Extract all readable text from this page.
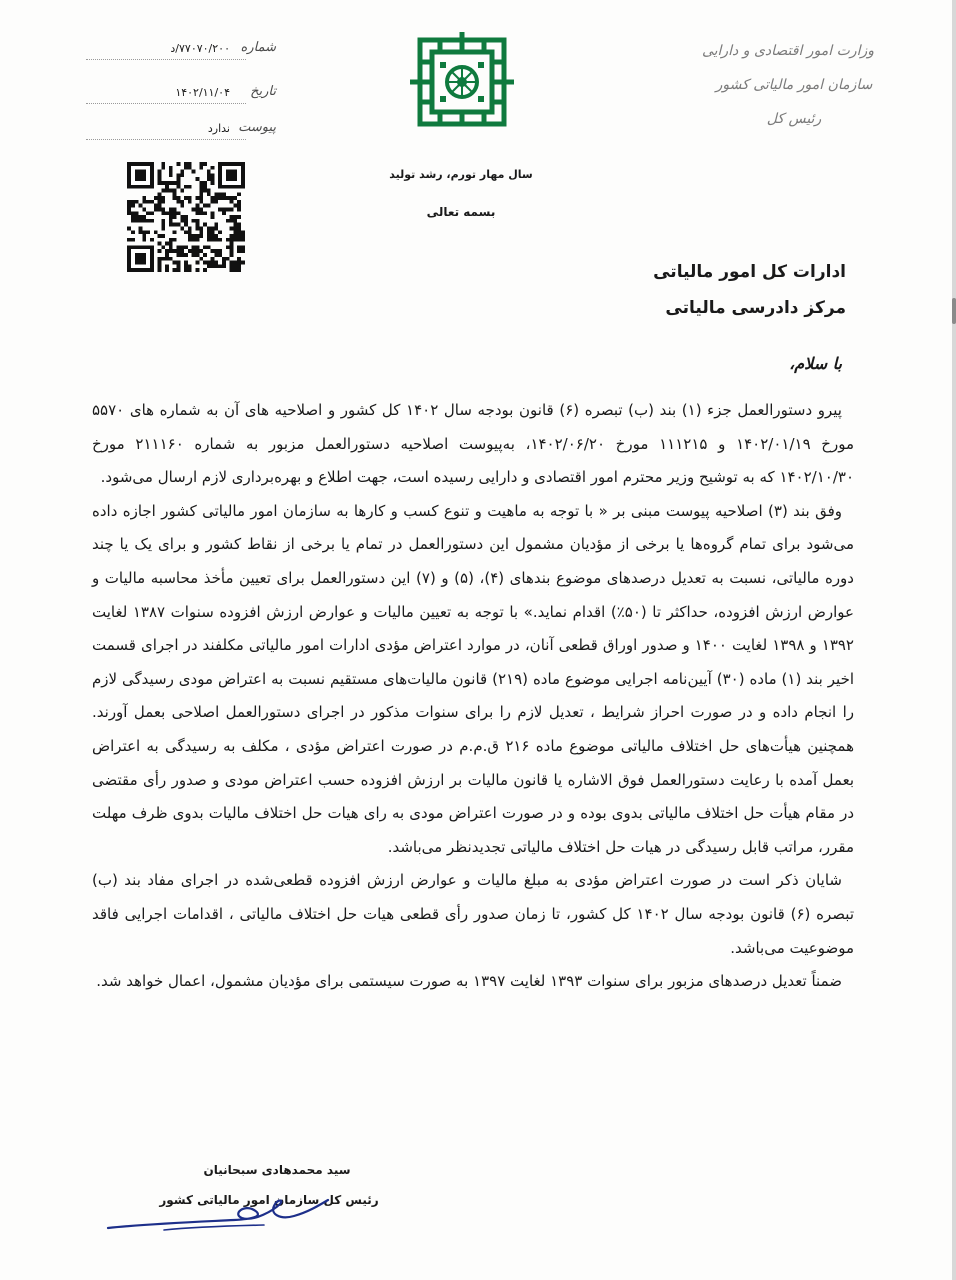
وزارت امور اقتصادی و دارایی
سازمان امور مالیاتی کشور
رئیس کل
سال مهار تورم، رشد تولید
بسمه تعالی
شماره
۷۷۰۷۰/۲۰۰/د
تاریخ
۱۴۰۲/۱۱/۰۴
پیوست
ندارد
ادارات کل امور مالیاتی
مرکز دادرسی مالیاتی
با سلام،

پیرو دستورالعمل جزء (۱) بند (ب) تبصره (۶) قانون بودجه سال ۱۴۰۲ کل کشور و اصلاحیه های آن به شماره های ۵۵۷۰ مورخ ۱۴۰۲/۰۱/۱۹ و ۱۱۱۲۱۵ مورخ ۱۴۰۲/۰۶/۲۰، به‌پیوست اصلاحیه دستورالعمل مزبور به شماره ۲۱۱۱۶۰ مورخ ۱۴۰۲/۱۰/۳۰ که به توشیح وزیر محترم امور اقتصادی و دارایی رسیده است، جهت اطلاع و بهره‌برداری لازم ارسال می‌شود.

وفق بند (۳) اصلاحیه پیوست مبنی بر « با توجه به ماهیت و تنوع کسب و کارها به سازمان امور مالیاتی کشور اجازه داده می‌شود برای تمام گروه‌ها یا برخی از مؤدیان مشمول این دستورالعمل در تمام یا برخی از نقاط کشور و برای یک یا چند دوره مالیاتی، نسبت به تعدیل درصدهای موضوع بندهای (۴)، (۵) و (۷) این دستورالعمل برای تعیین مأخذ محاسبه مالیات و عوارض ارزش افزوده، حداکثر تا (۵۰٪) اقدام نماید.» با توجه به تعیین مالیات و عوارض ارزش افزوده سنوات ۱۳۸۷ لغایت ۱۳۹۲ و ۱۳۹۸ لغایت ۱۴۰۰ و صدور اوراق قطعی آنان، در موارد اعتراض مؤدی ادارات امور مالیاتی مکلفند در اجرای قسمت اخیر بند (۱) ماده (۳۰) آیین‌نامه اجرایی موضوع ماده (۲۱۹) قانون مالیات‌های مستقیم نسبت به اعتراض مودی رسیدگی لازم را انجام داده و در صورت احراز شرایط ، تعدیل لازم را برای سنوات مذکور در اجرای دستورالعمل اصلاحی بعمل آورند. همچنین هیأت‌های حل اختلاف مالیاتی موضوع ماده ۲۱۶ ق.م.م در صورت اعتراض مؤدی ، مکلف به رسیدگی به اعتراض بعمل آمده با رعایت دستورالعمل فوق الاشاره یا قانون مالیات بر ارزش افزوده حسب اعتراض مودی و صدور رأی مقتضی در مقام هیأت حل اختلاف مالیاتی بدوی بوده و در صورت اعتراض مودی به رای هیات حل اختلاف مالیات بدوی ظرف مهلت مقرر، مراتب قابل رسیدگی در هیات حل اختلاف مالیاتی تجدیدنظر می‌باشد.

شایان ذکر است در صورت اعتراض مؤدی به مبلغ مالیات و عوارض ارزش افزوده قطعی‌شده در اجرای مفاد بند (ب) تبصره (۶) قانون بودجه سال ۱۴۰۲ کل کشور، تا زمان صدور رأی قطعی هیات حل اختلاف مالیاتی ، اقدامات اجرایی فاقد موضوعیت می‌باشد.

ضمناً تعدیل درصدهای مزبور برای سنوات ۱۳۹۳ لغایت ۱۳۹۷ به صورت سیستمی برای مؤدیان مشمول، اعمال خواهد شد.

سید محمدهادی سبحانیان
رئیس کل سازمان امور مالیاتی کشور
